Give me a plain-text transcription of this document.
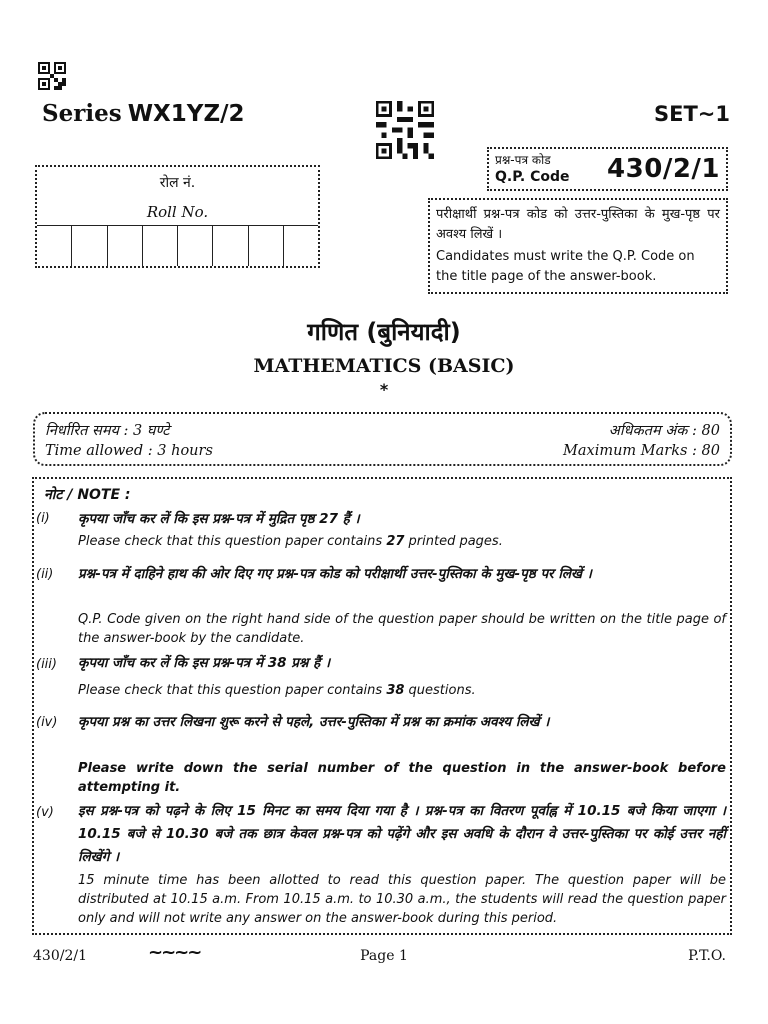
Series WX1YZ/2	SET~1
रोल नं.
Roll No.
प्रश्न-पत्र कोड
Q.P. Code 430/2/1
परीक्षार्थी प्रश्न-पत्र कोड को उत्तर-पुस्तिका के मुख-पृष्ठ पर अवश्य लिखें ।
Candidates must write the Q.P. Code on the title page of the answer-book.
गणित (बुनियादी)
MATHEMATICS (BASIC)
*
निर्धारित समय : 3 घण्टे
Time allowed : 3 hours
अधिकतम अंक : 80
Maximum Marks : 80
नोट / NOTE :
(i) कृपया जाँच कर लें कि इस प्रश्न-पत्र में मुद्रित पृष्ठ 27 हैं ।
Please check that this question paper contains 27 printed pages.
(ii) प्रश्न-पत्र में दाहिने हाथ की ओर दिए गए प्रश्न-पत्र कोड को परीक्षार्थी उत्तर-पुस्तिका के मुख-पृष्ठ पर लिखें ।
Q.P. Code given on the right hand side of the question paper should be written on the title page of the answer-book by the candidate.
(iii) कृपया जाँच कर लें कि इस प्रश्न-पत्र में 38 प्रश्न हैं ।
Please check that this question paper contains 38 questions.
(iv) कृपया प्रश्न का उत्तर लिखना शुरू करने से पहले, उत्तर-पुस्तिका में प्रश्न का क्रमांक अवश्य लिखें ।
Please write down the serial number of the question in the answer-book before attempting it.
(v) इस प्रश्न-पत्र को पढ़ने के लिए 15 मिनट का समय दिया गया है । प्रश्न-पत्र का वितरण पूर्वाह्न में 10.15 बजे किया जाएगा । 10.15 बजे से 10.30 बजे तक छात्र केवल प्रश्न-पत्र को पढ़ेंगे और इस अवधि के दौरान वे उत्तर-पुस्तिका पर कोई उत्तर नहीं लिखेंगे ।
15 minute time has been allotted to read this question paper. The question paper will be distributed at 10.15 a.m. From 10.15 a.m. to 10.30 a.m., the students will read the question paper only and will not write any answer on the answer-book during this period.
430/2/1	~~~~	Page 1	P.T.O.
